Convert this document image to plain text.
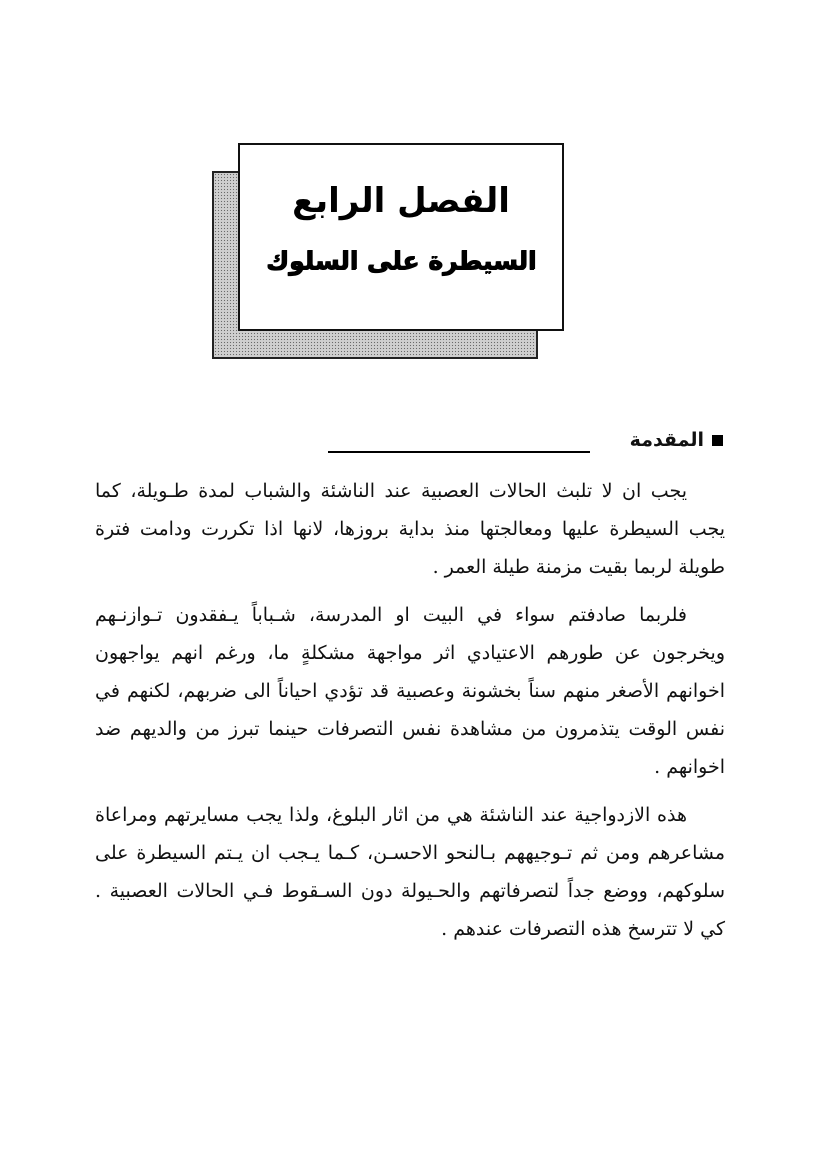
الفصل الرابع
السيطرة على السلوك
المقدمة

يجب ان لا تلبث الحالات العصبية عند الناشئة والشباب لمدة طـويلة، كما يجب السيطرة عليها ومعالجتها منذ بداية بروزها، لانها اذا تكررت ودامت فترة طويلة لربما بقيت مزمنة طيلة العمر .

فلربما صادفتم سواء في البيت او المدرسة، شـباباً يـفقدون تـوازنـهم ويخرجون عن طورهم الاعتيادي اثر مواجهة مشكلةٍ ما، ورغم انهم يواجهون اخوانهم الأصغر منهم سناً بخشونة وعصبية قد تؤدي احياناً الى ضربهم، لكنهم في نفس الوقت يتذمرون من مشاهدة نفس التصرفات حينما تبرز من والديهم ضد اخوانهم .

هذه الازدواجية عند الناشئة هي من اثار البلوغ، ولذا يجب مسايرتهم ومراعاة مشاعرهم ومن ثم تـوجيههم بـالنحو الاحسـن، كـما يـجب ان يـتم السيطرة على سلوكهم، ووضع جداً لتصرفاتهم والحـيولة دون السـقوط فـي الحالات العصبية . كي لا تترسخ هذه التصرفات عندهم .
